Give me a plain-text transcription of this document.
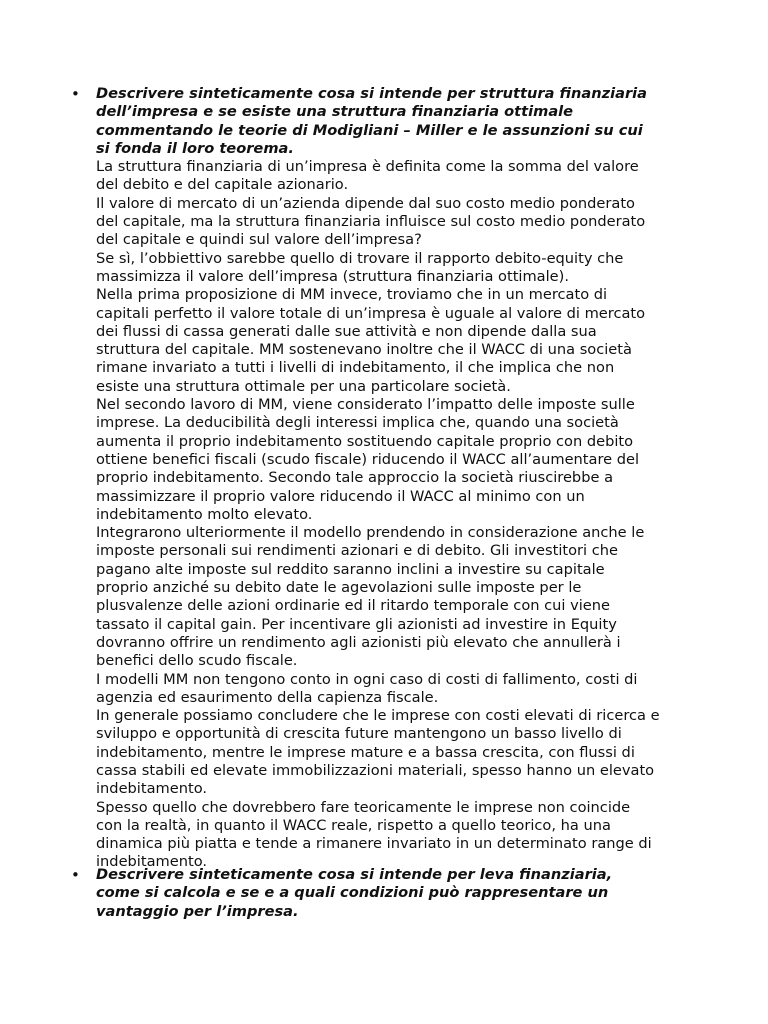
• Descrivere sinteticamente cosa si intende per struttura finanziaria
dell’impresa e se esiste una struttura finanziaria ottimale
commentando le teorie di Modigliani – Miller e le assunzioni su cui
si fonda il loro teorema.

La struttura finanziaria di un’impresa è definita come la somma del valore
del debito e del capitale azionario.
Il valore di mercato di un’azienda dipende dal suo costo medio ponderato
del capitale, ma la struttura finanziaria influisce sul costo medio ponderato
del capitale e quindi sul valore dell’impresa?
Se sì, l’obbiettivo sarebbe quello di trovare il rapporto debito-equity che
massimizza il valore dell’impresa (struttura finanziaria ottimale).
Nella prima proposizione di MM invece, troviamo che in un mercato di
capitali perfetto il valore totale di un’impresa è uguale al valore di mercato
dei flussi di cassa generati dalle sue attività e non dipende dalla sua
struttura del capitale. MM sostenevano inoltre che il WACC di una società
rimane invariato a tutti i livelli di indebitamento, il che implica che non
esiste una struttura ottimale per una particolare società.
Nel secondo lavoro di MM, viene considerato l’impatto delle imposte sulle
imprese. La deducibilità degli interessi implica che, quando una società
aumenta il proprio indebitamento sostituendo capitale proprio con debito
ottiene benefici fiscali (scudo fiscale) riducendo il WACC all’aumentare del
proprio indebitamento. Secondo tale approccio la società riuscirebbe a
massimizzare il proprio valore riducendo il WACC al minimo con un
indebitamento molto elevato.
Integrarono ulteriormente il modello prendendo in considerazione anche le
imposte personali sui rendimenti azionari e di debito. Gli investitori che
pagano alte imposte sul reddito saranno inclini a investire su capitale
proprio anziché su debito date le agevolazioni sulle imposte per le
plusvalenze delle azioni ordinarie ed il ritardo temporale con cui viene
tassato il capital gain. Per incentivare gli azionisti ad investire in Equity
dovranno offrire un rendimento agli azionisti più elevato che annullerà i
benefici dello scudo fiscale.
I modelli MM non tengono conto in ogni caso di costi di fallimento, costi di
agenzia ed esaurimento della capienza fiscale.
In generale possiamo concludere che le imprese con costi elevati di ricerca e
sviluppo e opportunità di crescita future mantengono un basso livello di
indebitamento, mentre le imprese mature e a bassa crescita, con flussi di
cassa stabili ed elevate immobilizzazioni materiali, spesso hanno un elevato
indebitamento.
Spesso quello che dovrebbero fare teoricamente le imprese non coincide
con la realtà, in quanto il WACC reale, rispetto a quello teorico, ha una
dinamica più piatta e tende a rimanere invariato in un determinato range di
indebitamento.

• Descrivere sinteticamente cosa si intende per leva finanziaria,
come si calcola e se e a quali condizioni può rappresentare un
vantaggio per l’impresa.
